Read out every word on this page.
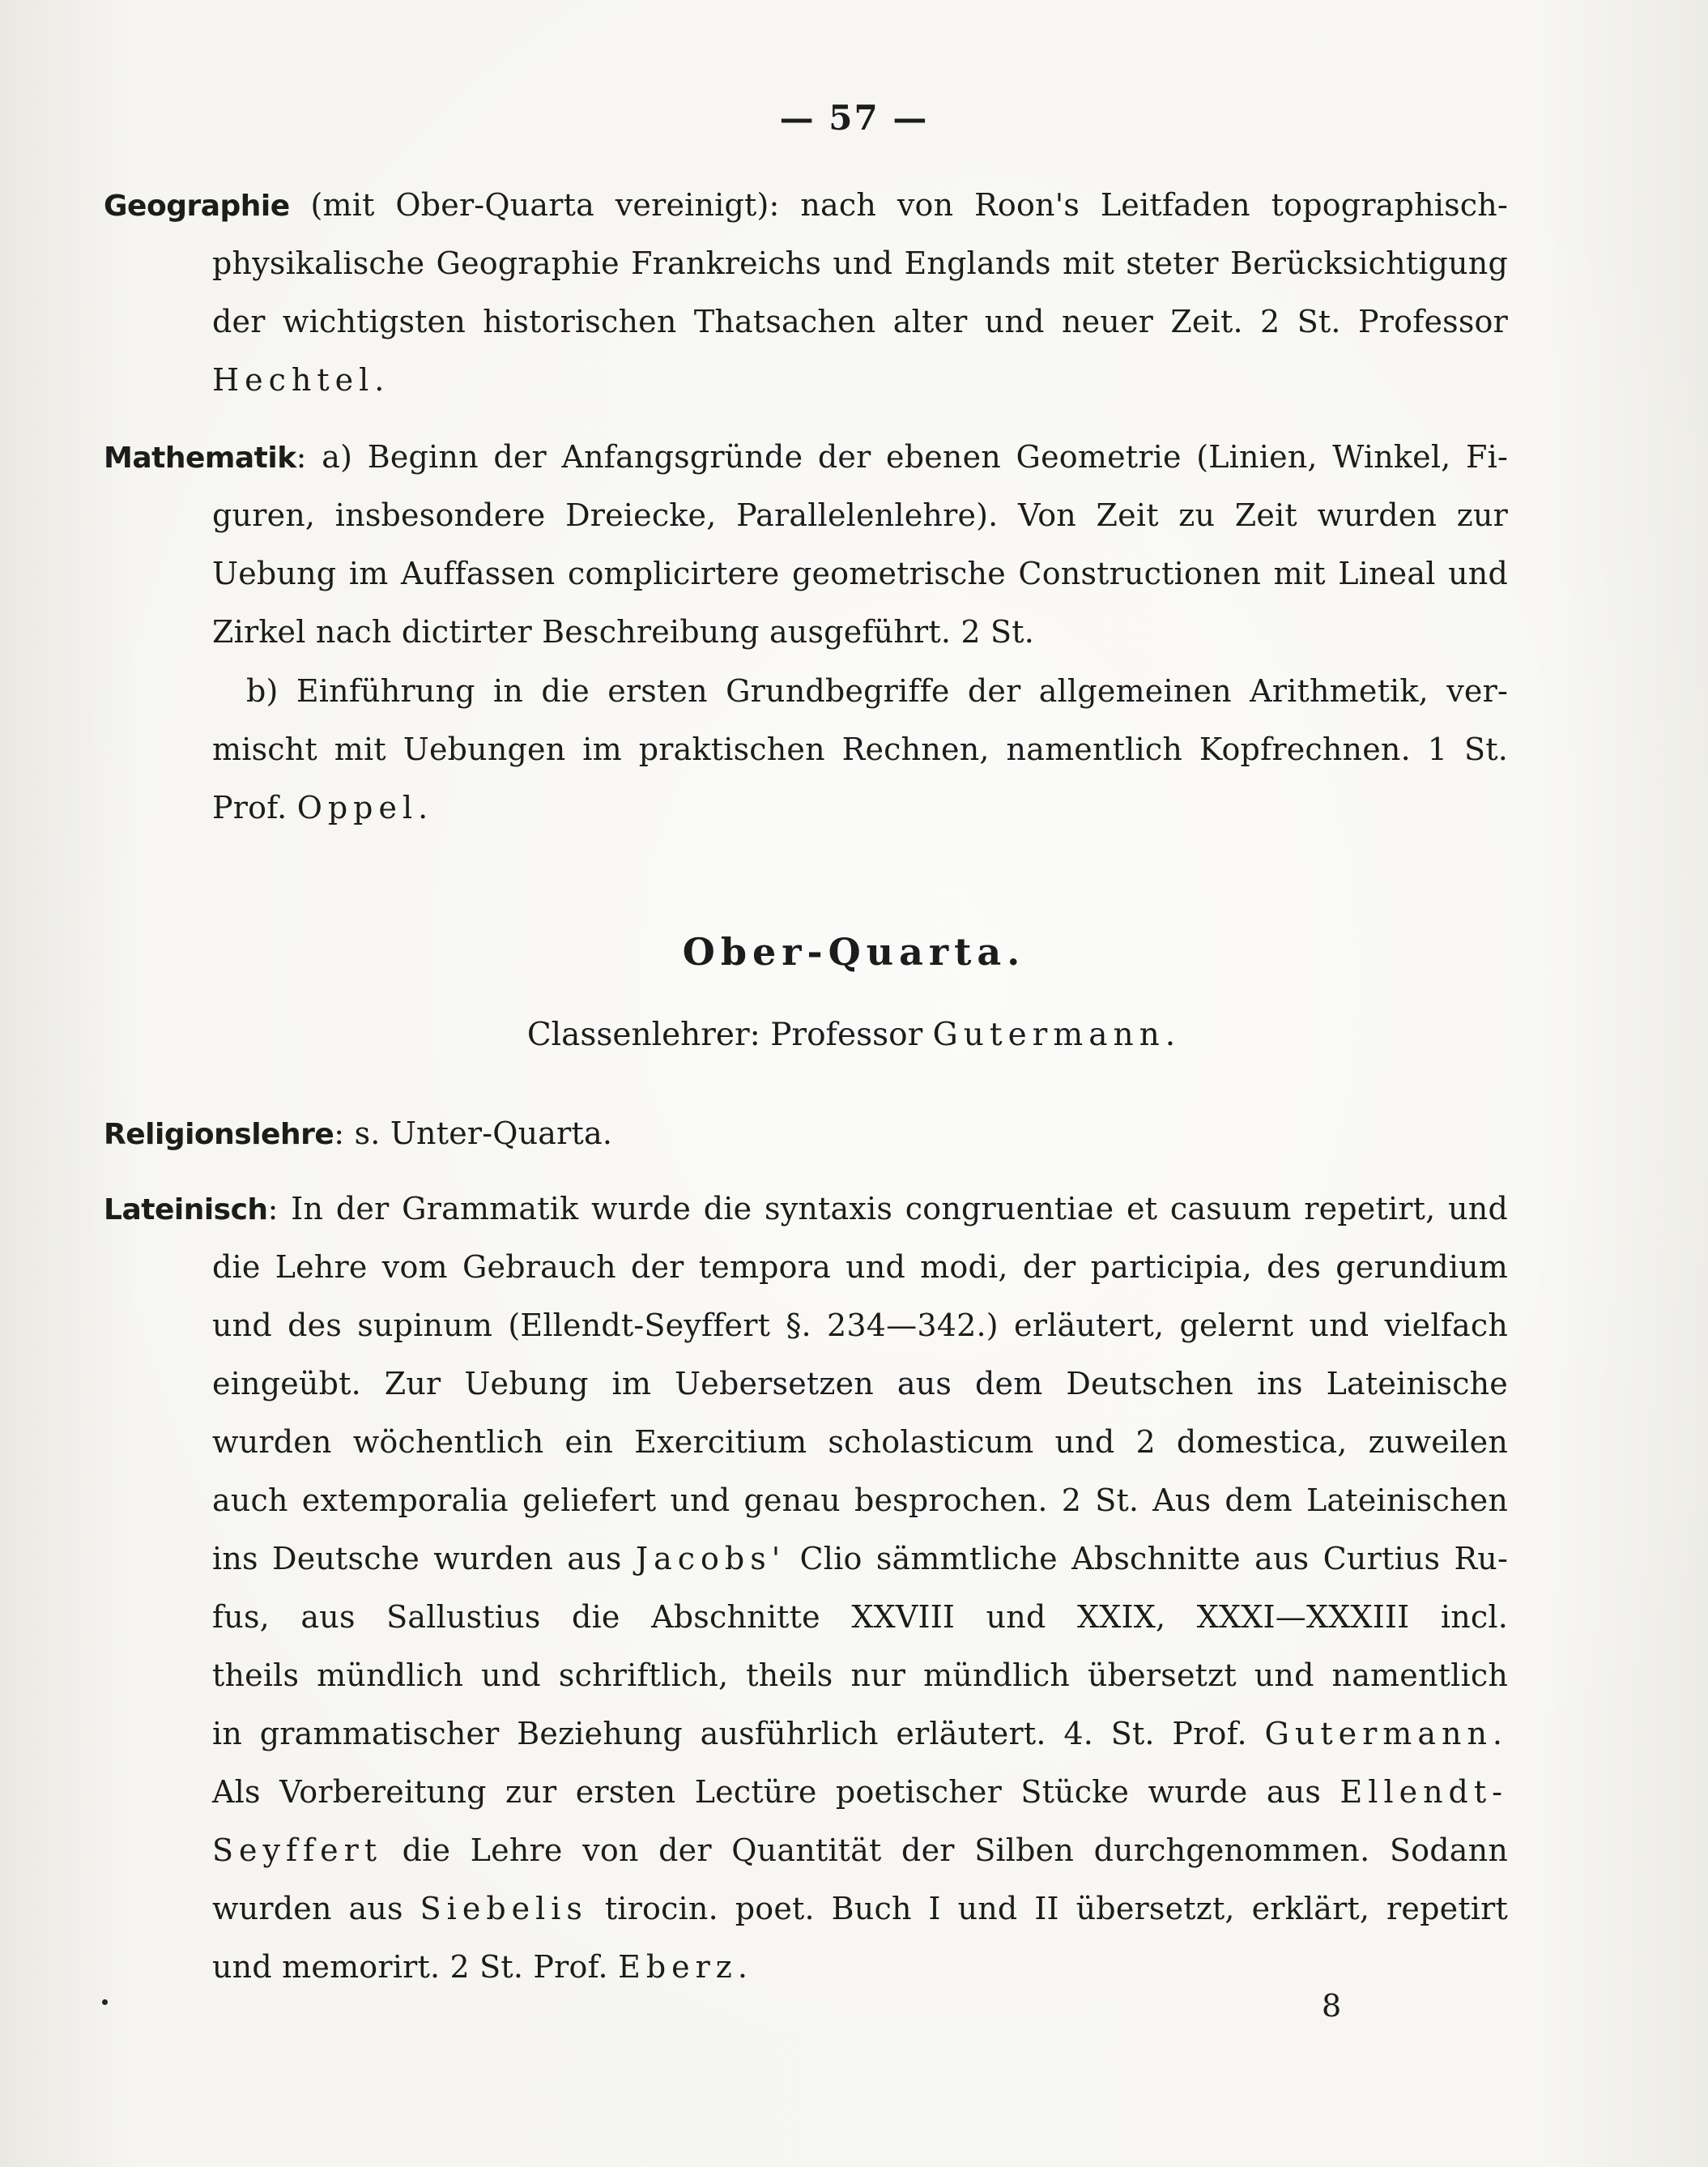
— 57 —
Geographie (mit Ober-Quarta vereinigt): nach von Roon's Leitfaden topographisch-
physikalische Geographie Frankreichs und Englands mit steter Berücksichtigung
der wichtigsten historischen Thatsachen alter und neuer Zeit. 2 St. Professor
Hechtel.
Mathematik: a) Beginn der Anfangsgründe der ebenen Geometrie (Linien, Winkel, Fi-
guren, insbesondere Dreiecke, Parallelenlehre). Von Zeit zu Zeit wurden zur
Uebung im Auffassen complicirtere geometrische Constructionen mit Lineal und
Zirkel nach dictirter Beschreibung ausgeführt. 2 St.
b) Einführung in die ersten Grundbegriffe der allgemeinen Arithmetik, ver-
mischt mit Uebungen im praktischen Rechnen, namentlich Kopfrechnen. 1 St.
Prof. Oppel.
Ober-Quarta.
Classenlehrer: Professor Gutermann.
Religionslehre: s. Unter-Quarta.
Lateinisch: In der Grammatik wurde die syntaxis congruentiae et casuum repetirt, und
die Lehre vom Gebrauch der tempora und modi, der participia, des gerundium
und des supinum (Ellendt-Seyffert §. 234—342.) erläutert, gelernt und vielfach
eingeübt. Zur Uebung im Uebersetzen aus dem Deutschen ins Lateinische
wurden wöchentlich ein Exercitium scholasticum und 2 domestica, zuweilen
auch extemporalia geliefert und genau besprochen. 2 St. Aus dem Lateinischen
ins Deutsche wurden aus Jacobs' Clio sämmtliche Abschnitte aus Curtius Ru-
fus, aus Sallustius die Abschnitte XXVIII und XXIX, XXXI—XXXIII incl.
theils mündlich und schriftlich, theils nur mündlich übersetzt und namentlich
in grammatischer Beziehung ausführlich erläutert. 4. St. Prof. Gutermann.
Als Vorbereitung zur ersten Lectüre poetischer Stücke wurde aus Ellendt-
Seyffert die Lehre von der Quantität der Silben durchgenommen. Sodann
wurden aus Siebelis tirocin. poet. Buch I und II übersetzt, erklärt, repetirt
und memorirt. 2 St. Prof. Eberz.
8
